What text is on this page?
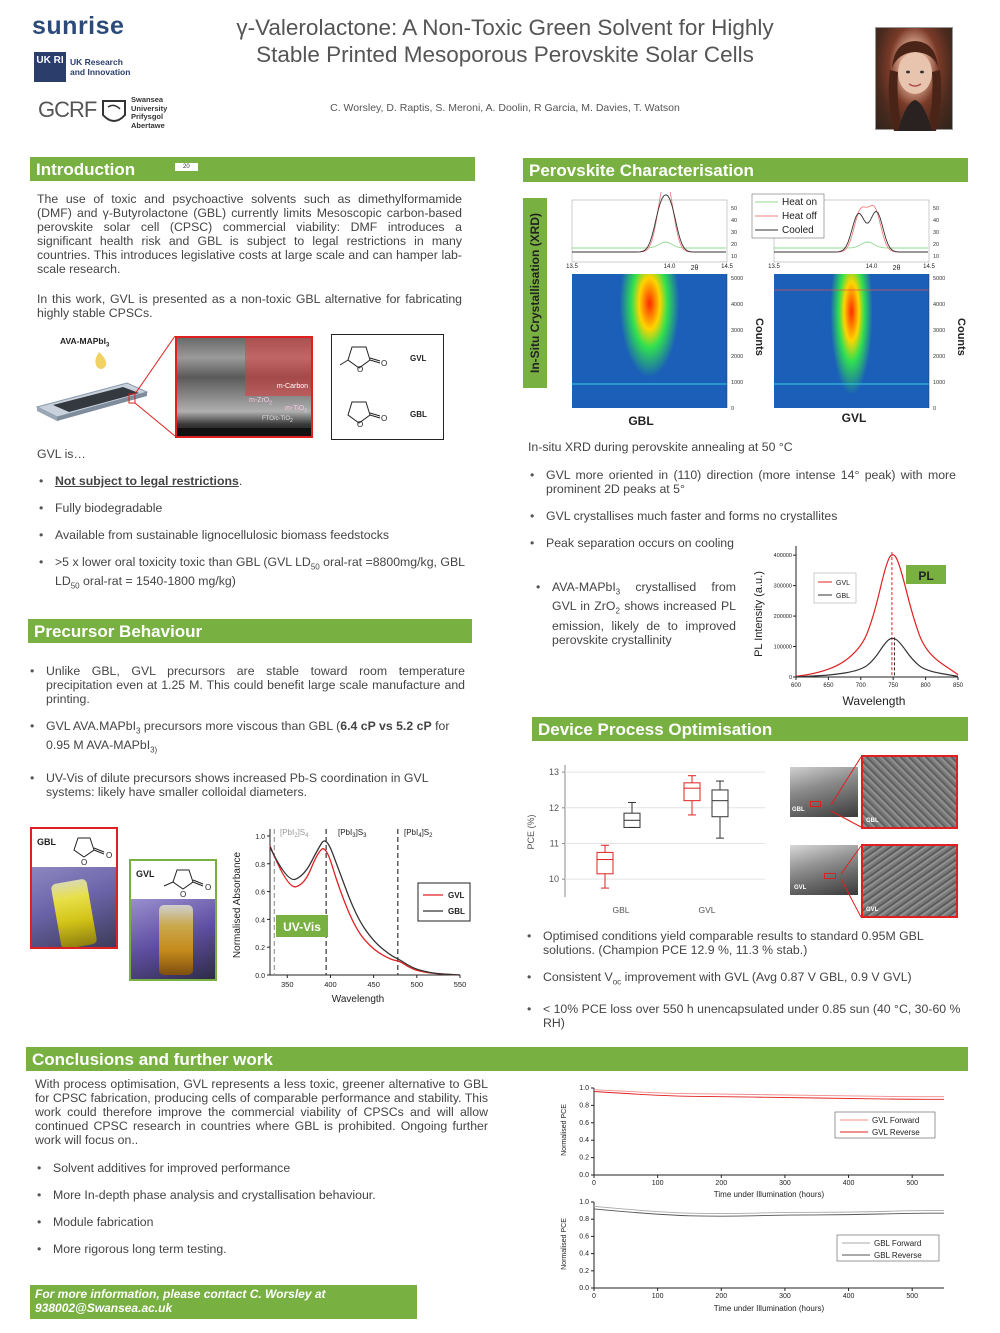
sunrise
UK RI UK Research
and Innovation
GCRF	Swansea
University
Prifysgol
Abertawe
γ-Valerolactone: A Non-Toxic Green Solvent for Highly
Stable Printed Mesoporous Perovskite Solar Cells
C. Worsley, D. Raptis, S. Meroni, A. Doolin, R Garcia, M. Davies, T. Watson
Introduction	20
The use of toxic and psychoactive solvents such as dimethylformamide (DMF) and γ-Butyrolactone (GBL) currently limits Mesoscopic carbon-based perovskite solar cell (CPSC) commercial viability: DMF introduces a significant health risk and GBL is subject to legal restrictions in many countries. This introduces legislative costs at large scale and can hamper lab-scale research.
In this work, GVL is presented as a non-toxic GBL alternative for fabricating highly stable CPSCs.
AVA-MAPbI$_3$
m-Carbon
m-ZrO$_2$
m-TiO$_2$
FTO/c-TiO$_2$
O
O
GVL
O
O	GBL
GVL is…
• Not subject to legal restrictions.
• Fully biodegradable
• Available from sustainable lignocellulosic biomass feedstocks
• >5 x lower oral toxicity toxic than GBL (GVL $LD_{50}$ oral-rat =8800mg/kg, GBL $LD_{50}$ oral-rat = 1540-1800 mg/kg)
Precursor Behaviour
• Unlike GBL, GVL precursors are stable toward room temperature precipitation even at 1.25 M. This could benefit large scale manufacture and printing.
• GVL AVA.MAPbI$_3$ precursors more viscous than GBL (6.4 cP vs 5.2 cP for 0.95 M AVA-MAPbI$_{3)}$
• UV-Vis of dilute precursors shows increased Pb-S coordination in GVL systems: likely have smaller colloidal diameters.
GBL
O
O
GVL
O
O
350	400	450	500	550
0.0
0.2
0.4
0.6
0.8
1.0
Normalised Absorbance
Wavelength
GVL
GBL
UV-Vis
$[PbI_2]S_4$	$[PbI_3]S_3$	$[PbI_4]S_2$
Perovskite Characterisation
In-Situ Crystallisation (XRD)	13.5	14.0	14.5
2θ
50
40
30
20
10
5000
4000
3000
2000
1000
0
13.5	14.0	14.5
2θ
50
40
30
20
10
5000
4000
3000
2000
1000
0
GBL	GVL
Counts	Counts
Heat on
Heat off
Cooled
In-situ XRD during perovskite annealing at 50 °C
• GVL more oriented in (110) direction (more intense 14° peak) with more prominent 2D peaks at 5°
• GVL crystallises much faster and forms no crystallites
• Peak separation occurs on cooling
• AVA-MAPbI$_3$ crystallised from GVL in ZrO$_2$ shows increased PL emission, likely de to improved perovskite crystallinity
600	650	700	750	800	850
0
100000
200000
300000
400000
PL Intensity (a.u.)
Wavelength
PL
GVL
GBL
Device Process Optimisation
10
11
12
13
GBL	GVL
PCE (%)
GBL
GBL
GVL
GVL
• Optimised conditions yield comparable results to standard 0.95M GBL solutions. (Champion PCE 12.9 %, 11.3 % stab.)
• Consistent $V_{oc}$ improvement with GVL (Avg 0.87 V GBL, 0.9 V GVL)
• < 10% PCE loss over 550 h unencapsulated under 0.85 sun (40 °C, 30-60 % RH)
Conclusions and further work
With process optimisation, GVL represents a less toxic, greener alternative to GBL for CPSC fabrication, producing cells of comparable performance and stability. This work could therefore improve the commercial viability of CPSCs and will allow continued CPSC research in countries where GBL is prohibited. Ongoing further work will focus on..
• Solvent additives for improved performance
• More In-depth phase analysis and crystallisation behaviour.
• Module fabrication
• More rigorous long term testing.
For more information, please contact C. Worsley at
938002@Swansea.ac.uk
0	100	200	300	400	500
0.0
0.2
0.4
0.6
0.8
1.0
0	100	200	300	400	500
0.0
0.2
0.4
0.6
0.8
1.0
Normalised PCE
Normalised PCE
Time under Illumination (hours)
Time under Illumination (hours)
GVL Forward
GVL Reverse
GBL Forward
GBL Reverse
